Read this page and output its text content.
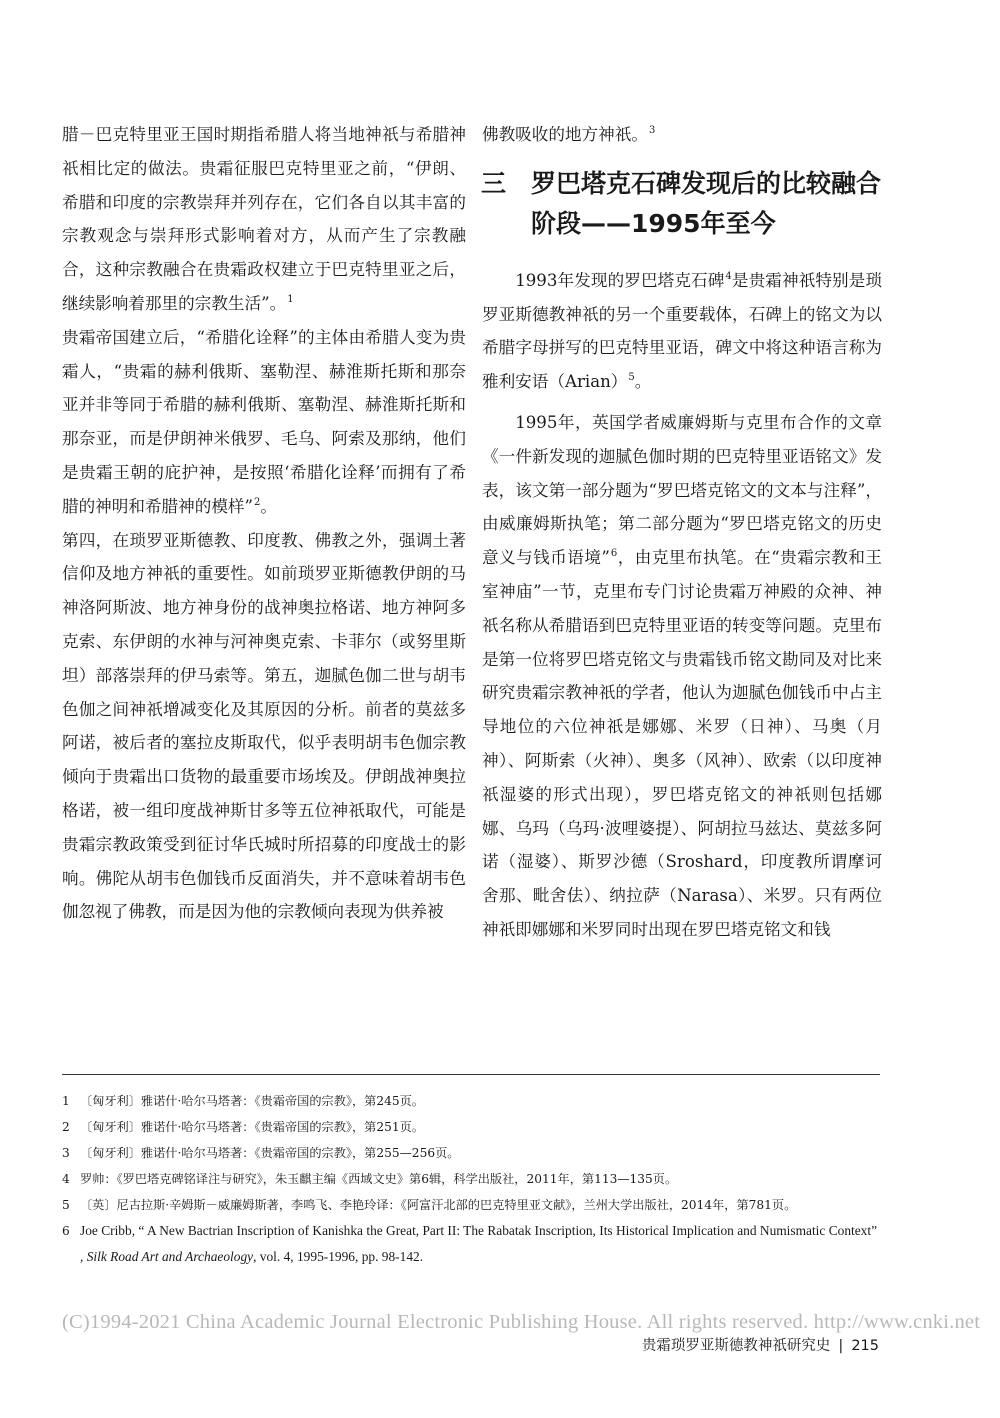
腊－巴克特里亚王国时期指希腊人将当地神祇与希腊神祇相比定的做法。贵霜征服巴克特里亚之前，“伊朗、希腊和印度的宗教崇拜并列存在，它们各自以其丰富的宗教观念与崇拜形式影响着对方，从而产生了宗教融合，这种宗教融合在贵霜政权建立于巴克特里亚之后，继续影响着那里的宗教生活”。$^1$

贵霜帝国建立后，“希腊化诠释”的主体由希腊人变为贵霜人，“贵霜的赫利俄斯、塞勒涅、赫淮斯托斯和那奈亚并非等同于希腊的赫利俄斯、塞勒涅、赫淮斯托斯和那奈亚，而是伊朗神米俄罗、毛乌、阿索及那纳，他们是贵霜王朝的庇护神，是按照‘希腊化诠释’而拥有了希腊的神明和希腊神的模样”$^2$。

第四，在琐罗亚斯德教、印度教、佛教之外，强调土著信仰及地方神祇的重要性。如前琐罗亚斯德教伊朗的马神洛阿斯波、地方神身份的战神奥拉格诺、地方神阿多克索、东伊朗的水神与河神奥克索、卡菲尔（或努里斯坦）部落崇拜的伊马索等。第五，迦腻色伽二世与胡韦色伽之间神祇增减变化及其原因的分析。前者的莫兹多阿诺，被后者的塞拉皮斯取代，似乎表明胡韦色伽宗教倾向于贵霜出口货物的最重要市场埃及。伊朗战神奥拉格诺，被一组印度战神斯甘多等五位神祇取代，可能是贵霜宗教政策受到征讨华氏城时所招募的印度战士的影响。佛陀从胡韦色伽钱币反面消失，并不意味着胡韦色伽忽视了佛教，而是因为他的宗教倾向表现为供养被

佛教吸收的地方神祇。$^3$

三 罗巴塔克石碑发现后的比较融合阶段——1995年至今

1993年发现的罗巴塔克石碑$^4$是贵霜神祇特别是琐罗亚斯德教神祇的另一个重要载体，石碑上的铭文为以希腊字母拼写的巴克特里亚语，碑文中将这种语言称为雅利安语（Arian）$^5$。

1995年，英国学者威廉姆斯与克里布合作的文章《一件新发现的迦腻色伽时期的巴克特里亚语铭文》发表，该文第一部分题为“罗巴塔克铭文的文本与注释”，由威廉姆斯执笔；第二部分题为“罗巴塔克铭文的历史意义与钱币语境”$^6$，由克里布执笔。在“贵霜宗教和王室神庙”一节，克里布专门讨论贵霜万神殿的众神、神祇名称从希腊语到巴克特里亚语的转变等问题。克里布是第一位将罗巴塔克铭文与贵霜钱币铭文勘同及对比来研究贵霜宗教神祇的学者，他认为迦腻色伽钱币中占主导地位的六位神祇是娜娜、米罗（日神）、马奥（月神）、阿斯索（火神）、奥多（风神）、欧索（以印度神祇湿婆的形式出现），罗巴塔克铭文的神祇则包括娜娜、乌玛（乌玛·波哩婆提）、阿胡拉马兹达、莫兹多阿诺（湿婆）、斯罗沙德（Sroshard，印度教所谓摩诃舍那、毗舍佉）、纳拉萨（Narasa）、米罗。只有两位神祇即娜娜和米罗同时出现在罗巴塔克铭文和钱

1 〔匈牙利〕雅诺什·哈尔马塔著：《贵霜帝国的宗教》，第245页。
2 〔匈牙利〕雅诺什·哈尔马塔著：《贵霜帝国的宗教》，第251页。
3 〔匈牙利〕雅诺什·哈尔马塔著：《贵霜帝国的宗教》，第255—256页。
4 罗帅：《罗巴塔克碑铭译注与研究》，朱玉麒主编《西域文史》第6辑，科学出版社，2011年，第113—135页。
5 〔英〕尼古拉斯·辛姆斯－威廉姆斯著，李鸣飞、李艳玲译：《阿富汗北部的巴克特里亚文献》，兰州大学出版社，2014年，第781页。
6 Joe Cribb, “ A New Bactrian Inscription of Kanishka the Great, Part II: The Rabatak Inscription, Its Historical Implication and Numismatic Context” , Silk Road Art and Archaeology, vol. 4, 1995-1996, pp. 98-142.
(C)1994-2021 China Academic Journal Electronic Publishing House. All rights reserved. http://www.cnki.net
贵霜琐罗亚斯德教神祇研究史 | 215
